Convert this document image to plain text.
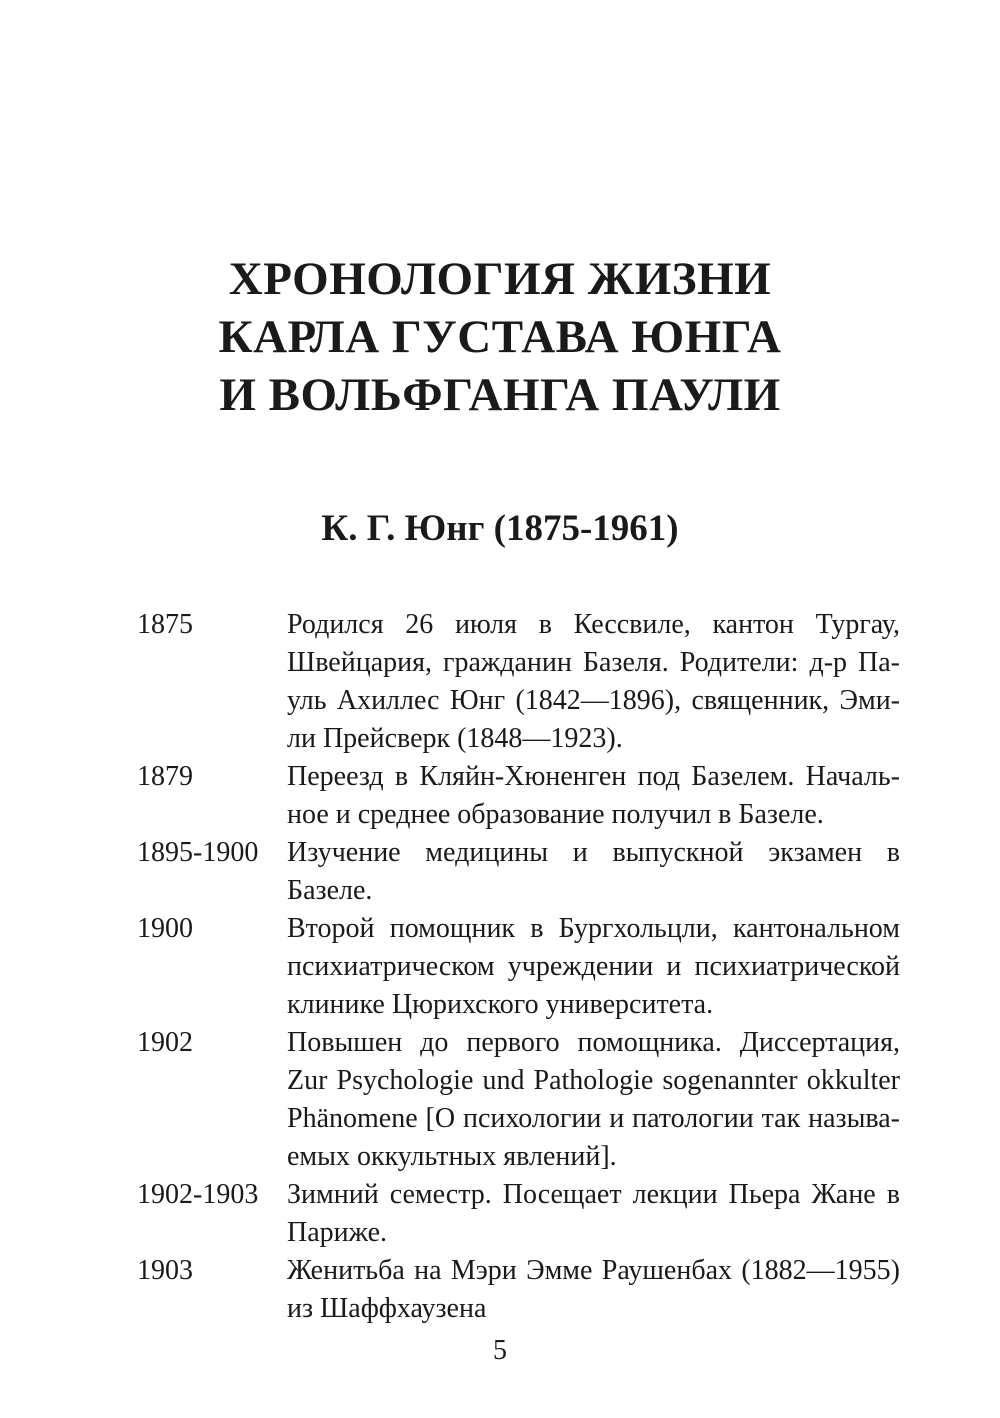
ХРОНОЛОГИЯ ЖИЗНИ
КАРЛА ГУСТАВА ЮНГА
И ВОЛЬФГАНГА ПАУЛИ
К. Г. Юнг (1875-1961)
1875	Родился 26 июля в Кессвиле, кантон Тургау,
Швейцария, гражданин Базеля. Родители: д-р Па-
уль Ахиллес Юнг (1842—1896), священник, Эми-
ли Прейсверк (1848—1923).
1879	Переезд в Кляйн-Хюненген под Базелем. Началь-
ное и среднее образование получил в Базеле.
1895-1900	Изучение медицины и выпускной экзамен в Базеле.
1900	Второй помощник в Бургхольцли, кантональном
психиатрическом учреждении и психиатрической
клинике Цюрихского университета.
1902	Повышен до первого помощника. Диссертация,
Zur Psychologie und Pathologie sogenannter okkulter
Phänomene [О психологии и патологии так называ-
емых оккультных явлений].
1902-1903	Зимний семестр. Посещает лекции Пьера Жане в
Париже.
1903	Женитьба на Мэри Эмме Раушенбах (1882—1955)
из Шаффхаузена
5
